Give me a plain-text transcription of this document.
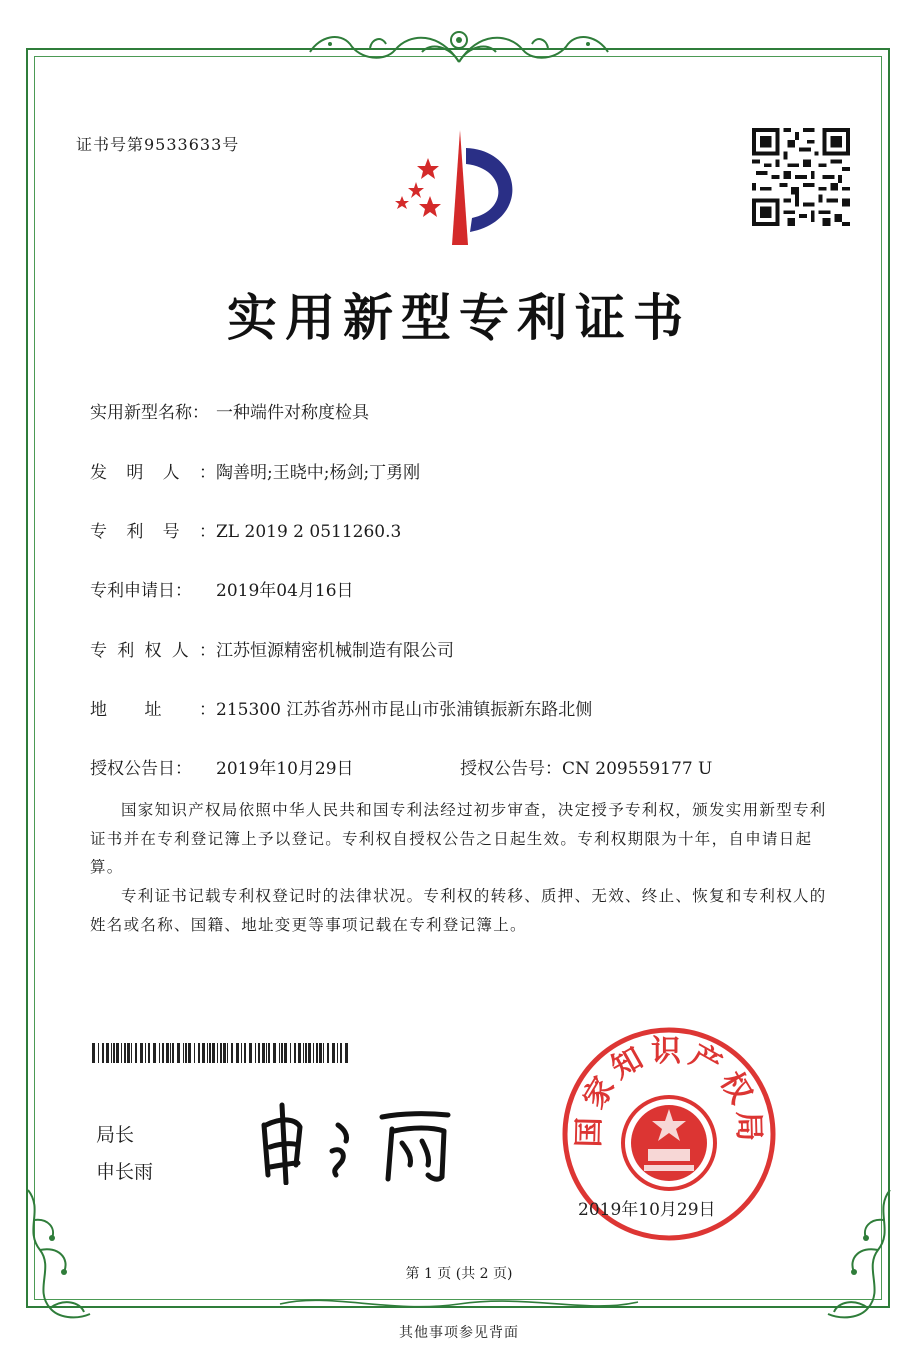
证书号第9533633号
实用新型专利证书
实用新型名称： 一种端件对称度检具
发 明 人 ： 陶善明;王晓中;杨剑;丁勇刚
专 利 号 ： ZL 2019 2 0511260.3
专利申请日： 2019年04月16日
专 利 权 人 ： 江苏恒源精密机械制造有限公司
地 址 ： 215300 江苏省苏州市昆山市张浦镇振新东路北侧
授权公告日： 2019年10月29日	授权公告号：CN 209559177 U
国家知识产权局依照中华人民共和国专利法经过初步审查，决定授予专利权，颁发实用新型专利证书并在专利登记簿上予以登记。专利权自授权公告之日起生效。专利权期限为十年，自申请日起算。
专利证书记载专利权登记时的法律状况。专利权的转移、质押、无效、终止、恢复和专利权人的姓名或名称、国籍、地址变更等事项记载在专利登记簿上。
局长
申长雨
国家知识产权局
2019年10月29日
第 1 页 (共 2 页)
其他事项参见背面
